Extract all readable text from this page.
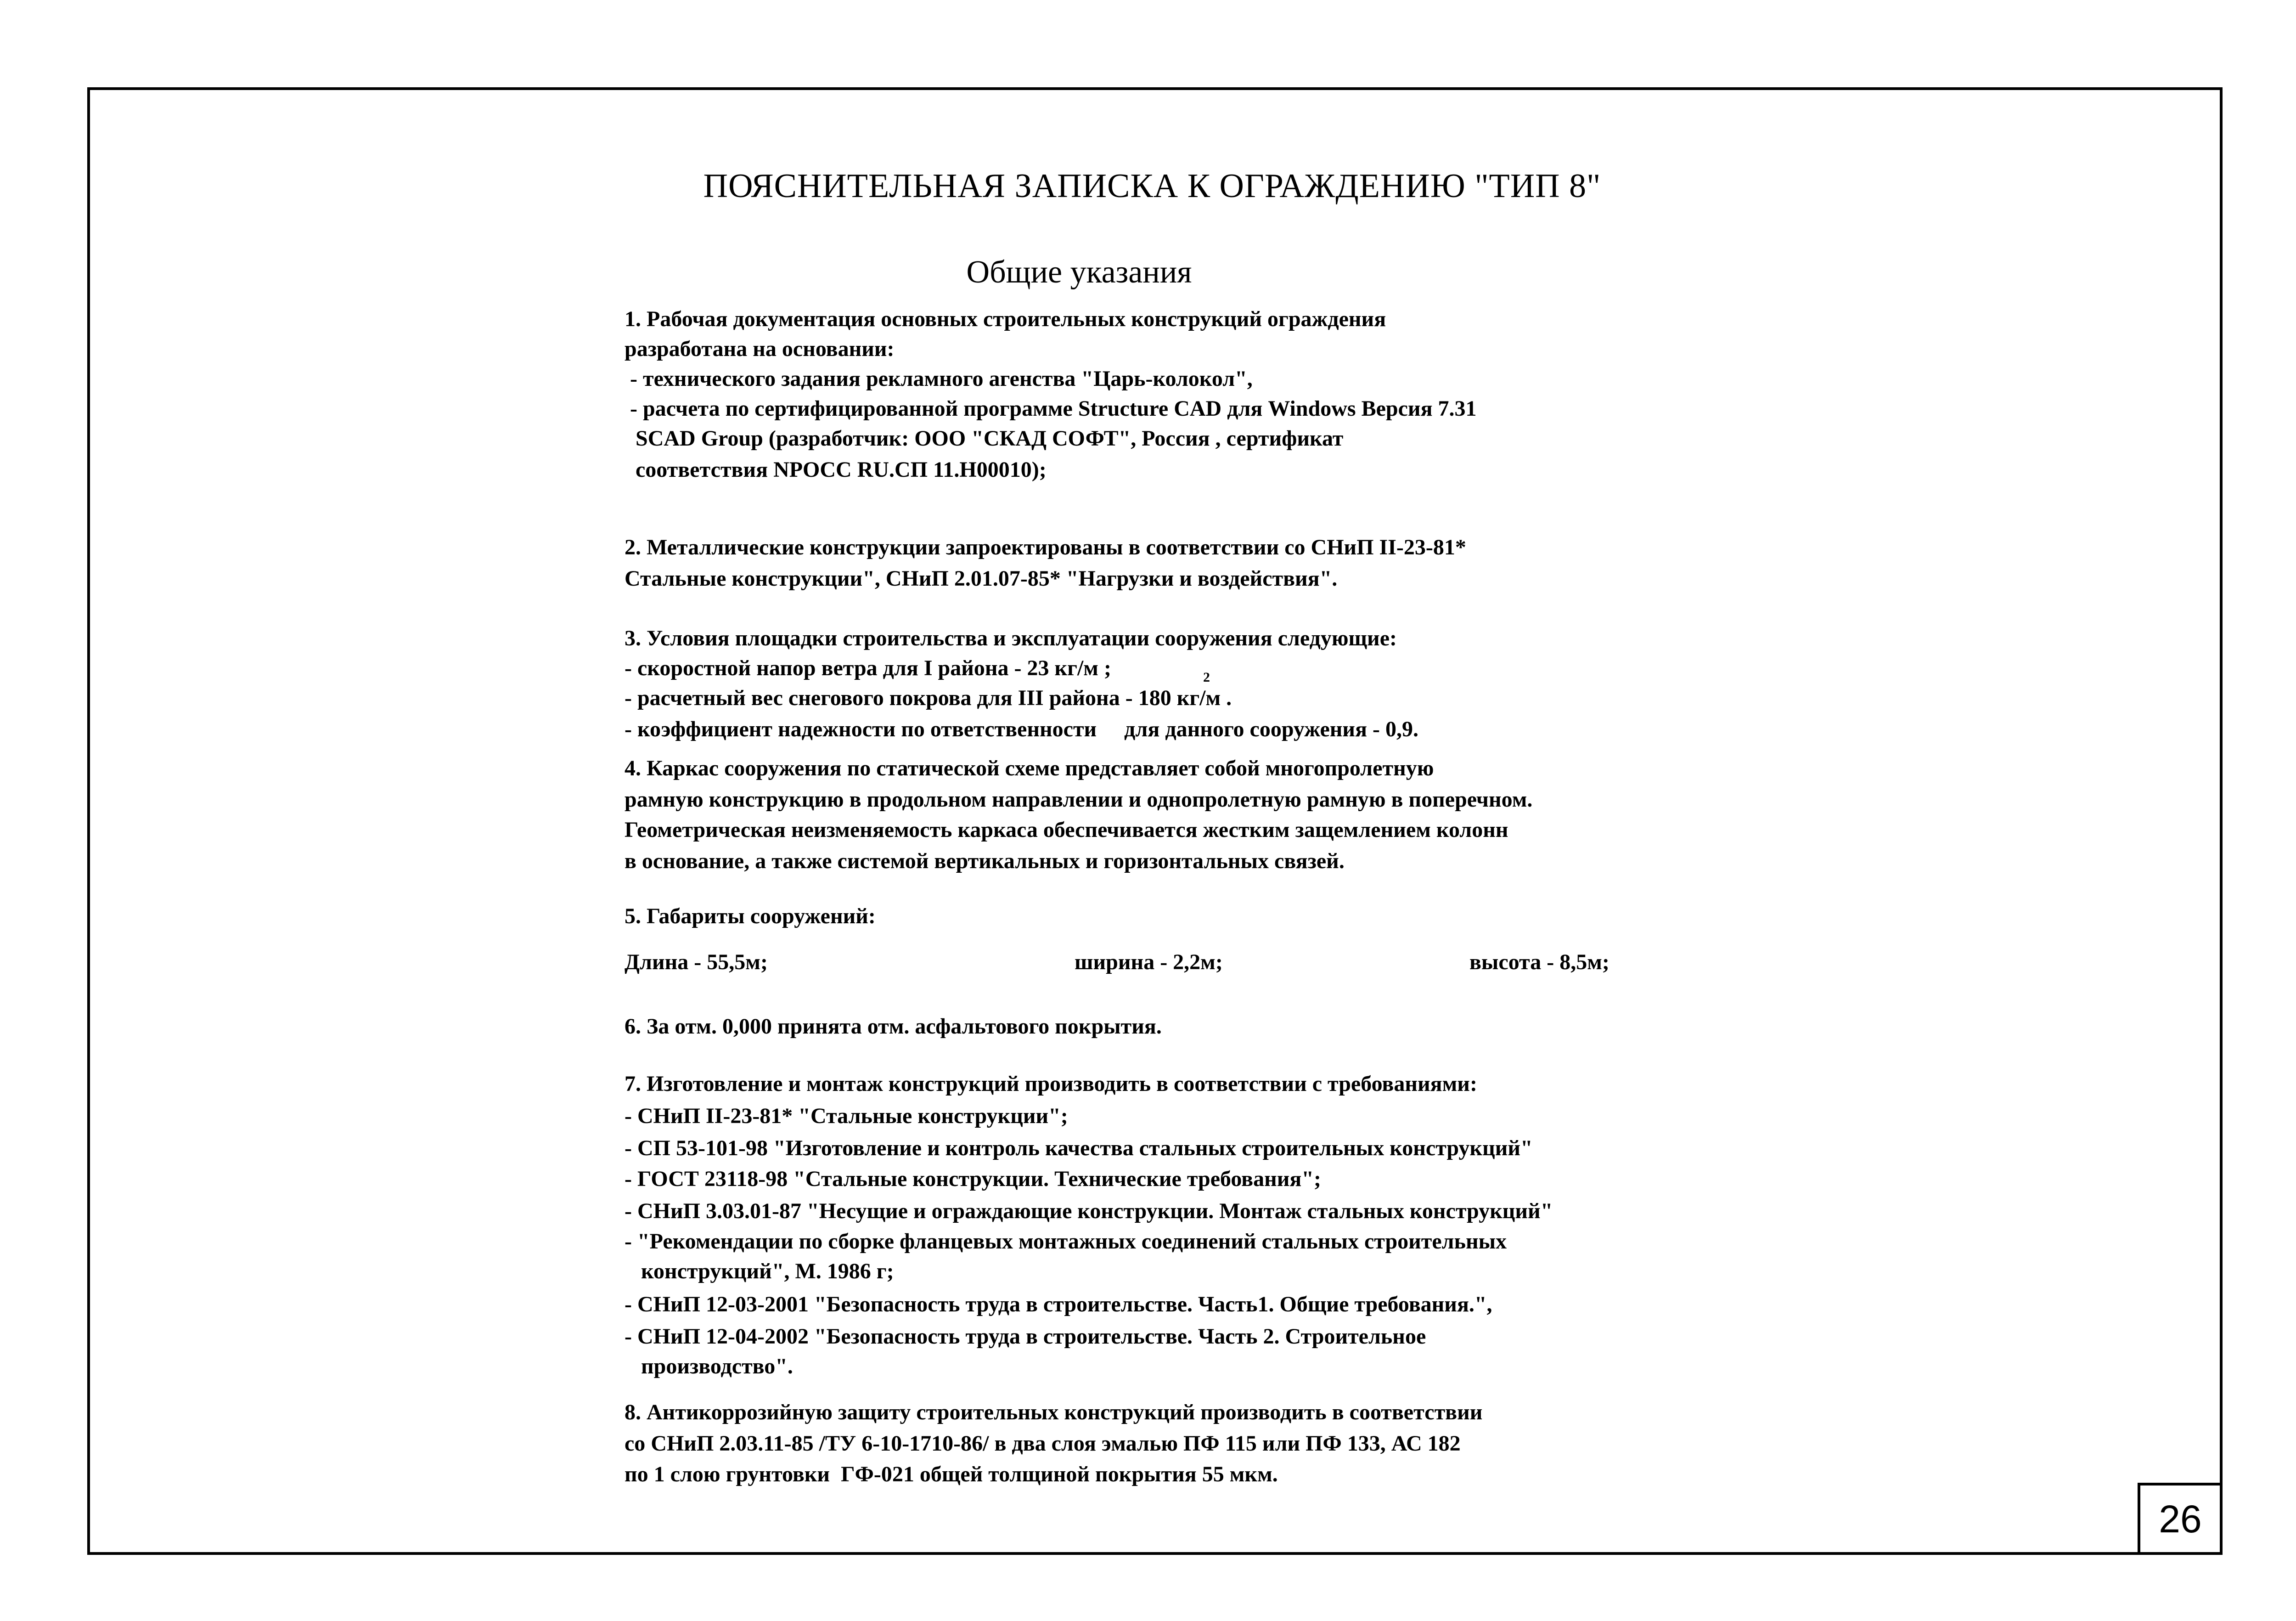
26
ПОЯСНИТЕЛЬНАЯ ЗАПИСКА К ОГРАЖДЕНИЮ "ТИП 8"
Общие указания
1. Рабочая документация основных строительных конструкций ограждения
разработана на основании:
- технического задания рекламного агенства "Царь-колокол",
- расчета по сертифицированной программе Structure CAD для Windows Версия 7.31
SCAD Group (разработчик: ООО "СКАД СОФТ", Россия , сертификат
соответствия NPOCC RU.CП 11.H00010);
2. Металлические конструкции запроектированы в соответствии со СНиП II-23-81*
Стальные конструкции", СНиП 2.01.07-85* "Нагрузки и воздействия".
3. Условия площадки строительства и эксплуатации сооружения следующие:
- скоростной напор ветра для I района - 23 кг/м ;	2
- расчетный вес снегового покрова для III района - 180 кг/м .
- коэффициент надежности по ответственности     для данного сооружения - 0,9.
4. Каркас сооружения по статической схеме представляет собой многопролетную
рамную конструкцию в продольном направлении и однопролетную рамную в поперечном.
Геометрическая неизменяемость каркаса обеспечивается жестким защемлением колонн
в основание, а также системой вертикальных и горизонтальных связей.
5. Габариты сооружений:
Длина - 55,5м;	ширина - 2,2м;	высота - 8,5м;
6. За отм. 0,000 принята отм. асфальтового покрытия.
7. Изготовление и монтаж конструкций производить в соответствии с требованиями:
- СНиП II-23-81* "Стальные конструкции";
- СП 53-101-98 "Изготовление и контроль качества стальных строительных конструкций"
- ГОСТ 23118-98 "Стальные конструкции. Технические требования";
- СНиП 3.03.01-87 "Несущие и ограждающие конструкции. Монтаж стальных конструкций"
- "Рекомендации по сборке фланцевых монтажных соединений стальных строительных
конструкций", М. 1986 г;
- СНиП 12-03-2001 "Безопасность труда в строительстве. Часть1. Общие требования.",
- СНиП 12-04-2002 "Безопасность труда в строительстве. Часть 2. Строительное
производство".
8. Антикоррозийную защиту строительных конструкций производить в соответствии
со СНиП 2.03.11-85 /ТУ 6-10-1710-86/ в два слоя эмалью ПФ 115 или ПФ 133, АС 182
по 1 слою грунтовки  ГФ-021 общей толщиной покрытия 55 мкм.
